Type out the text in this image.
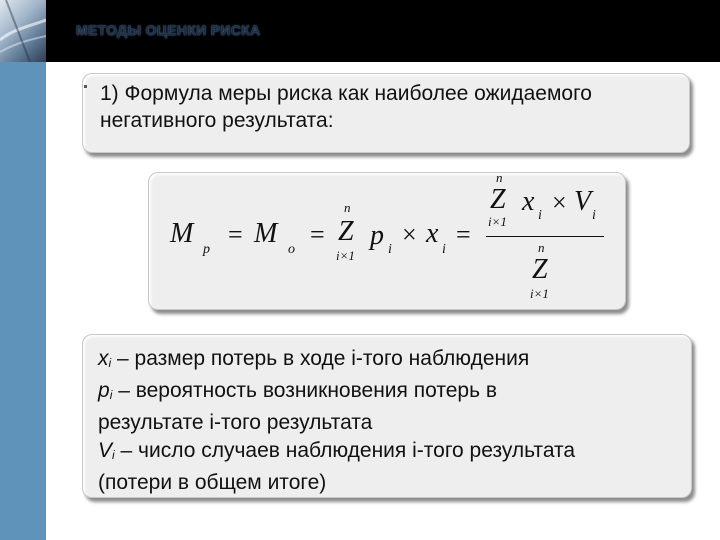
МЕТОДЫ ОЦЕНКИ РИСКА
1) Формула меры риска как наиболее ожидаемого
негативного результата:
M
p
= M
o
=
n
Z
i×1
p i
× x
i
=
n
Z
i×1
x i × V i
n
Z
i×1
xi – размер потерь в ходе i-того наблюдения
pi – вероятность возникновения потерь в
результате i-того результата
Vi – число случаев наблюдения i-того результата
(потери в общем итоге)
